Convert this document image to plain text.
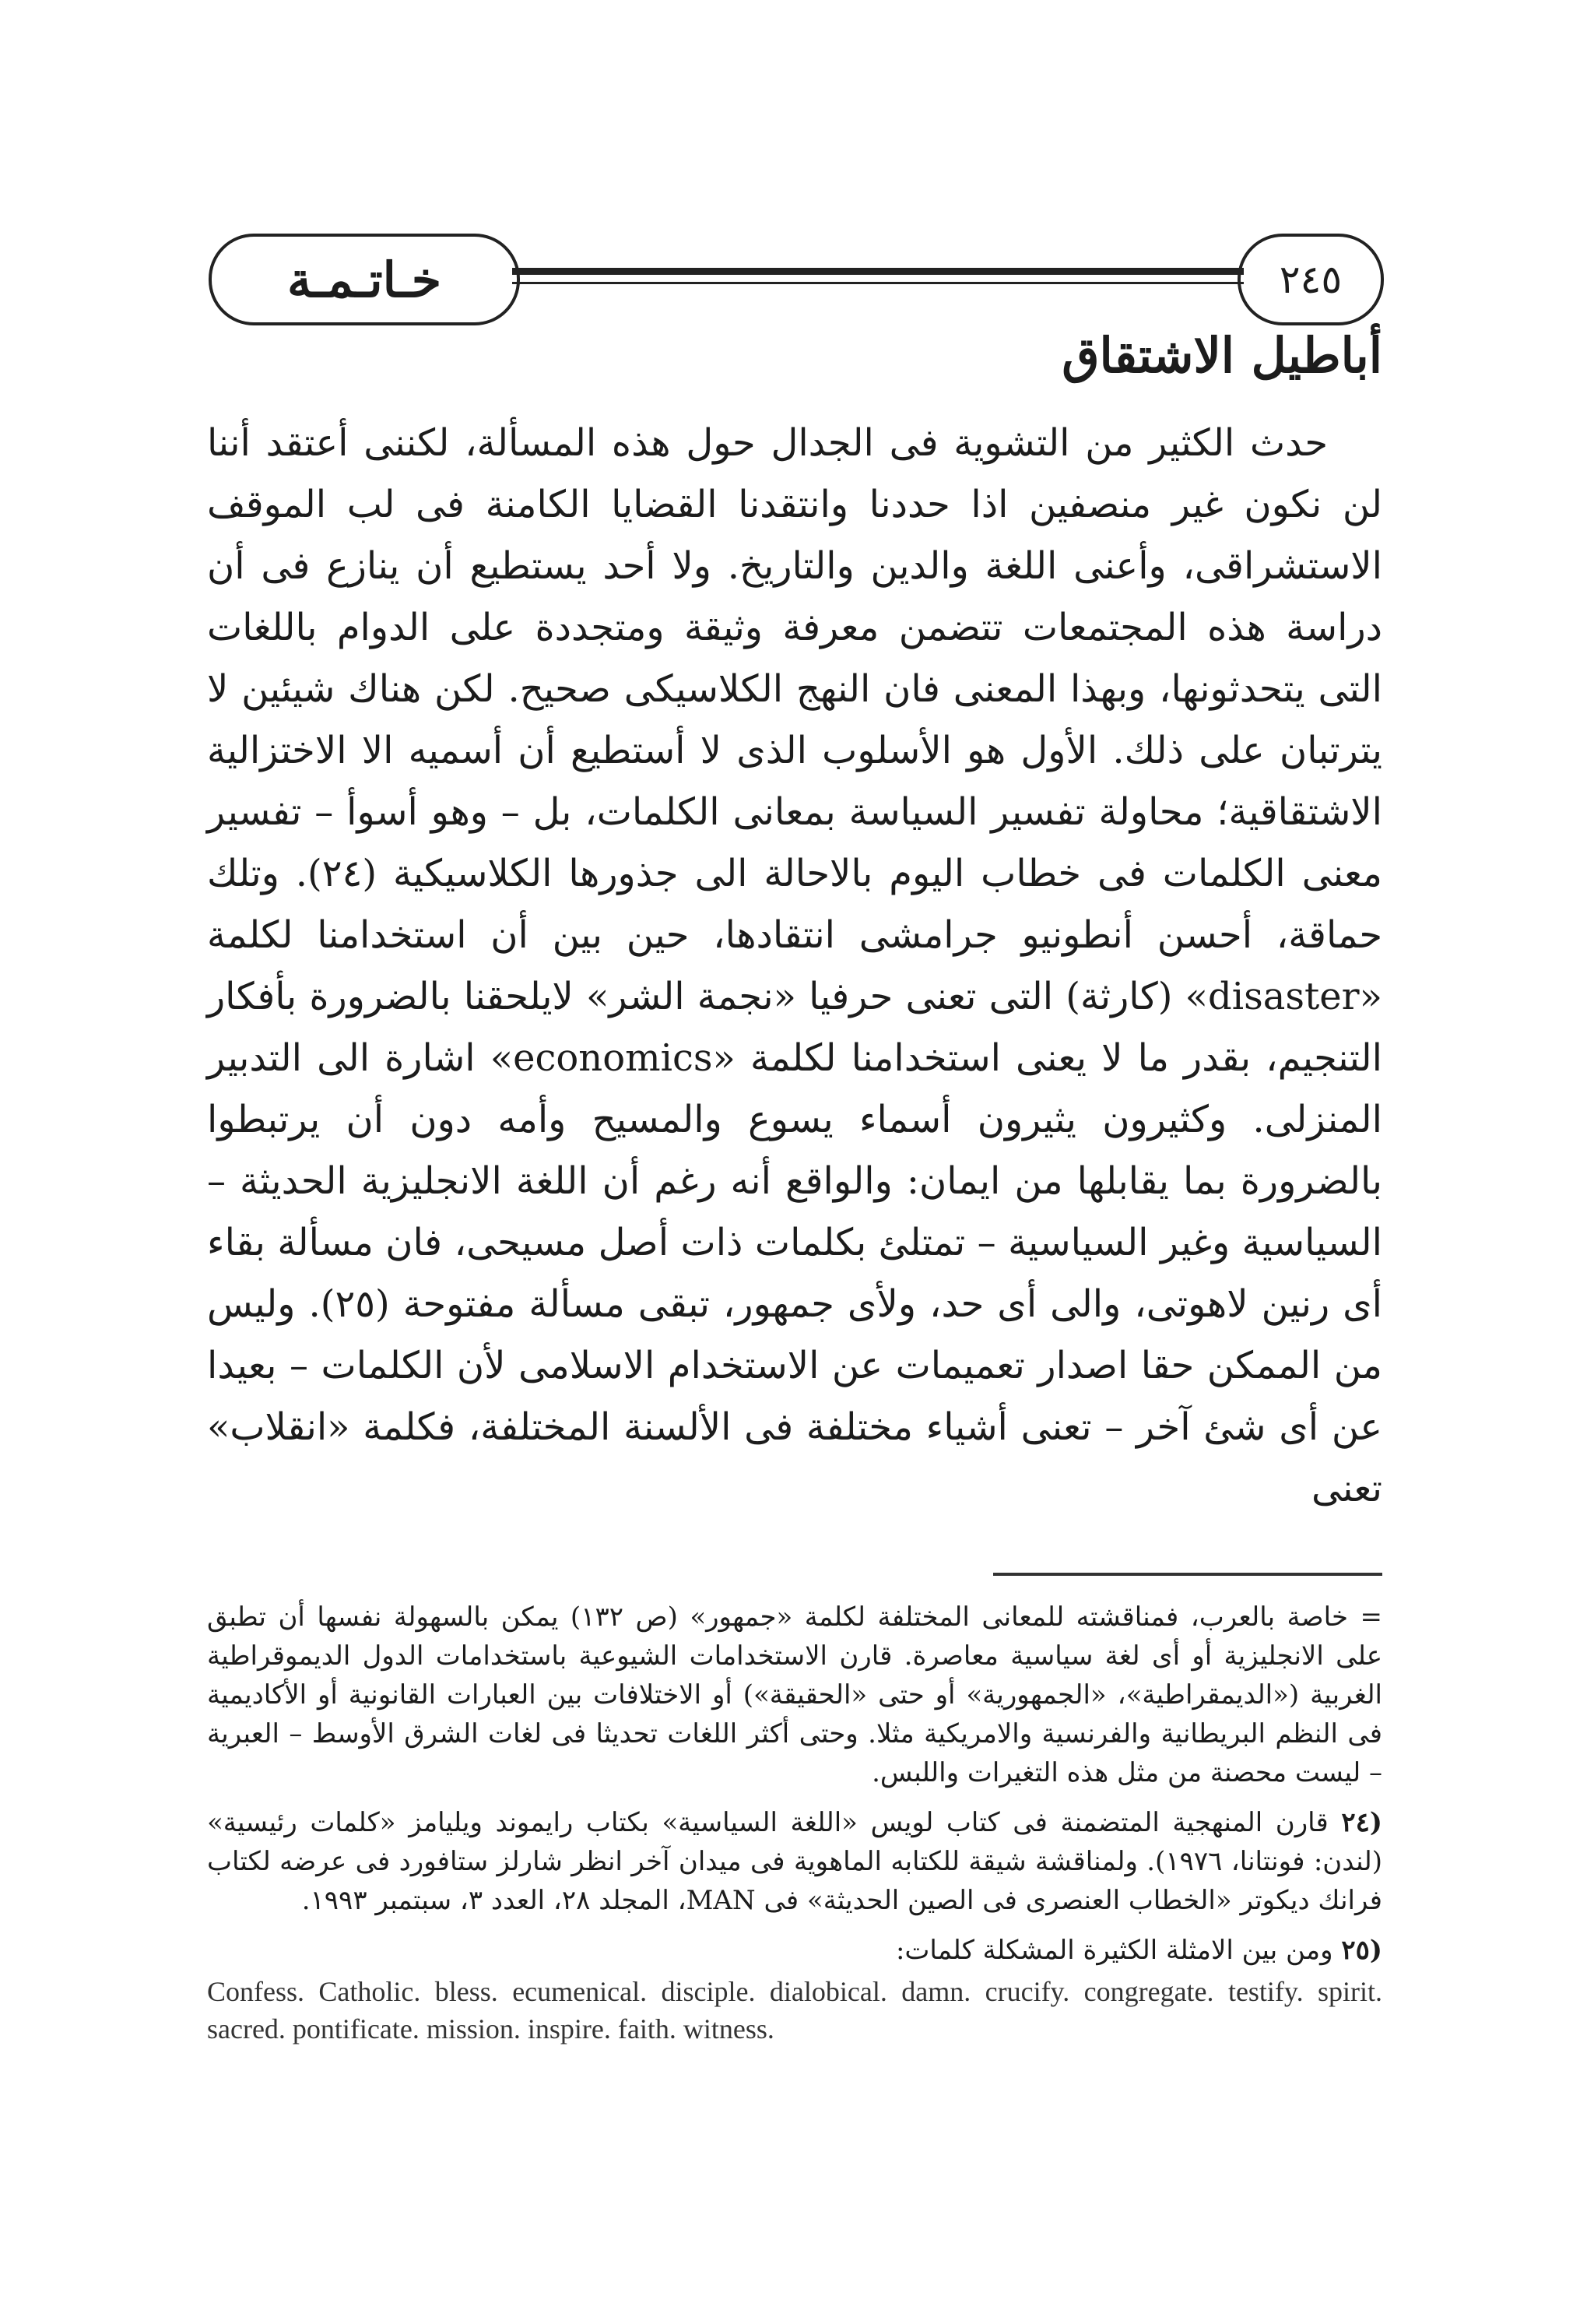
خـاتـمـة	٢٤٥
أباطيل الاشتقاق

حدث الكثير من التشوية فى الجدال حول هذه المسألة، لكننى أعتقد أننا لن نكون غير منصفين اذا حددنا وانتقدنا القضايا الكامنة فى لب الموقف الاستشراقى، وأعنى اللغة والدين والتاريخ. ولا أحد يستطيع أن ينازع فى أن دراسة هذه المجتمعات تتضمن معرفة وثيقة ومتجددة على الدوام باللغات التى يتحدثونها، وبهذا المعنى فان النهج الكلاسيكى صحيح. لكن هناك شيئين لا يترتبان على ذلك. الأول هو الأسلوب الذى لا أستطيع أن أسميه الا الاختزالية الاشتقاقية؛ محاولة تفسير السياسة بمعانى الكلمات، بل – وهو أسوأ – تفسير معنى الكلمات فى خطاب اليوم بالاحالة الى جذورها الكلاسيكية (٢٤). وتلك حماقة، أحسن أنطونيو جرامشى انتقادها، حين بين أن استخدامنا لكلمة «disaster» (كارثة) التى تعنى حرفيا «نجمة الشر» لايلحقنا بالضرورة بأفكار التنجيم، بقدر ما لا يعنى استخدامنا لكلمة «economics» اشارة الى التدبير المنزلى. وكثيرون يثيرون أسماء يسوع والمسيح وأمه دون أن يرتبطوا بالضرورة بما يقابلها من ايمان: والواقع أنه رغم أن اللغة الانجليزية الحديثة – السياسية وغير السياسية – تمتلئ بكلمات ذات أصل مسيحى، فان مسألة بقاء أى رنين لاهوتى، والى أى حد، ولأى جمهور، تبقى مسألة مفتوحة (٢٥). وليس من الممكن حقا اصدار تعميمات عن الاستخدام الاسلامى لأن الكلمات – بعيدا عن أى شئ آخر – تعنى أشياء مختلفة فى الألسنة المختلفة، فكلمة «انقلاب» تعنى

= خاصة بالعرب، فمناقشته للمعانى المختلفة لكلمة «جمهور» (ص ١٣٢) يمكن بالسهولة نفسها أن تطبق على الانجليزية أو أى لغة سياسية معاصرة. قارن الاستخدامات الشيوعية باستخدامات الدول الديموقراطية الغربية («الديمقراطية»، «الجمهورية» أو حتى «الحقيقة») أو الاختلافات بين العبارات القانونية أو الأكاديمية فى النظم البريطانية والفرنسية والامريكية مثلا. وحتى أكثر اللغات تحديثا فى لغات الشرق الأوسط – العبرية – ليست محصنة من مثل هذه التغيرات واللبس.

(٢٤ قارن المنهجية المتضمنة فى كتاب لويس «اللغة السياسية» بكتاب رايموند ويليامز «كلمات رئيسية» (لندن: فونتانا، ١٩٧٦). ولمناقشة شيقة للكتابه الماهوية فى ميدان آخر انظر شارلز ستافورد فى عرضه لكتاب فرانك ديكوتر «الخطاب العنصرى فى الصين الحديثة» فى MAN، المجلد ٢٨، العدد ٣، سبتمبر ١٩٩٣.

(٢٥ ومن بين الامثلة الكثيرة المشكلة كلمات:
Confess. Catholic. bless. ecumenical. disciple. dialobical. damn. crucify. congregate. testify. spirit. sacred. pontificate. mission. inspire. faith. witness.
